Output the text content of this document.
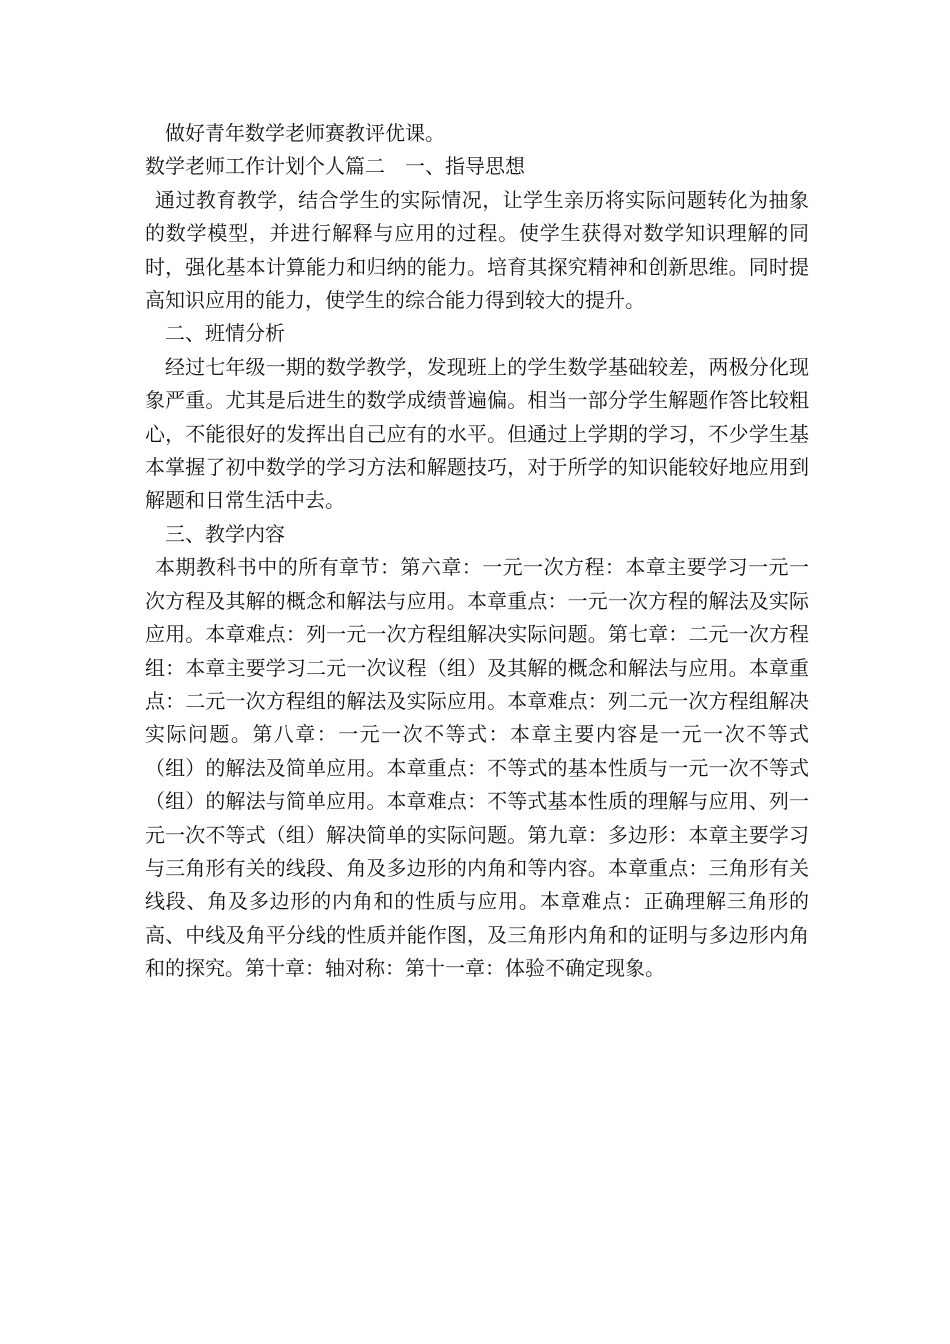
做好青年数学老师赛教评优课。

数学老师工作计划个人篇二　一、指导思想

通过教育教学，结合学生的实际情况，让学生亲历将实际问题转化为抽象的数学模型，并进行解释与应用的过程。使学生获得对数学知识理解的同时，强化基本计算能力和归纳的能力。培育其探究精神和创新思维。同时提高知识应用的能力，使学生的综合能力得到较大的提升。

二、班情分析

经过七年级一期的数学教学，发现班上的学生数学基础较差，两极分化现象严重。尤其是后进生的数学成绩普遍偏。相当一部分学生解题作答比较粗心，不能很好的发挥出自己应有的水平。但通过上学期的学习，不少学生基本掌握了初中数学的学习方法和解题技巧，对于所学的知识能较好地应用到解题和日常生活中去。

三、教学内容

本期教科书中的所有章节：第六章：一元一次方程：本章主要学习一元一次方程及其解的概念和解法与应用。本章重点：一元一次方程的解法及实际应用。本章难点：列一元一次方程组解决实际问题。第七章：二元一次方程组：本章主要学习二元一次议程（组）及其解的概念和解法与应用。本章重点：二元一次方程组的解法及实际应用。本章难点：列二元一次方程组解决实际问题。第八章：一元一次不等式：本章主要内容是一元一次不等式（组）的解法及简单应用。本章重点：不等式的基本性质与一元一次不等式（组）的解法与简单应用。本章难点：不等式基本性质的理解与应用、列一元一次不等式（组）解决简单的实际问题。第九章：多边形：本章主要学习与三角形有关的线段、角及多边形的内角和等内容。本章重点：三角形有关线段、角及多边形的内角和的性质与应用。本章难点：正确理解三角形的高、中线及角平分线的性质并能作图，及三角形内角和的证明与多边形内角和的探究。第十章：轴对称：第十一章：体验不确定现象。
